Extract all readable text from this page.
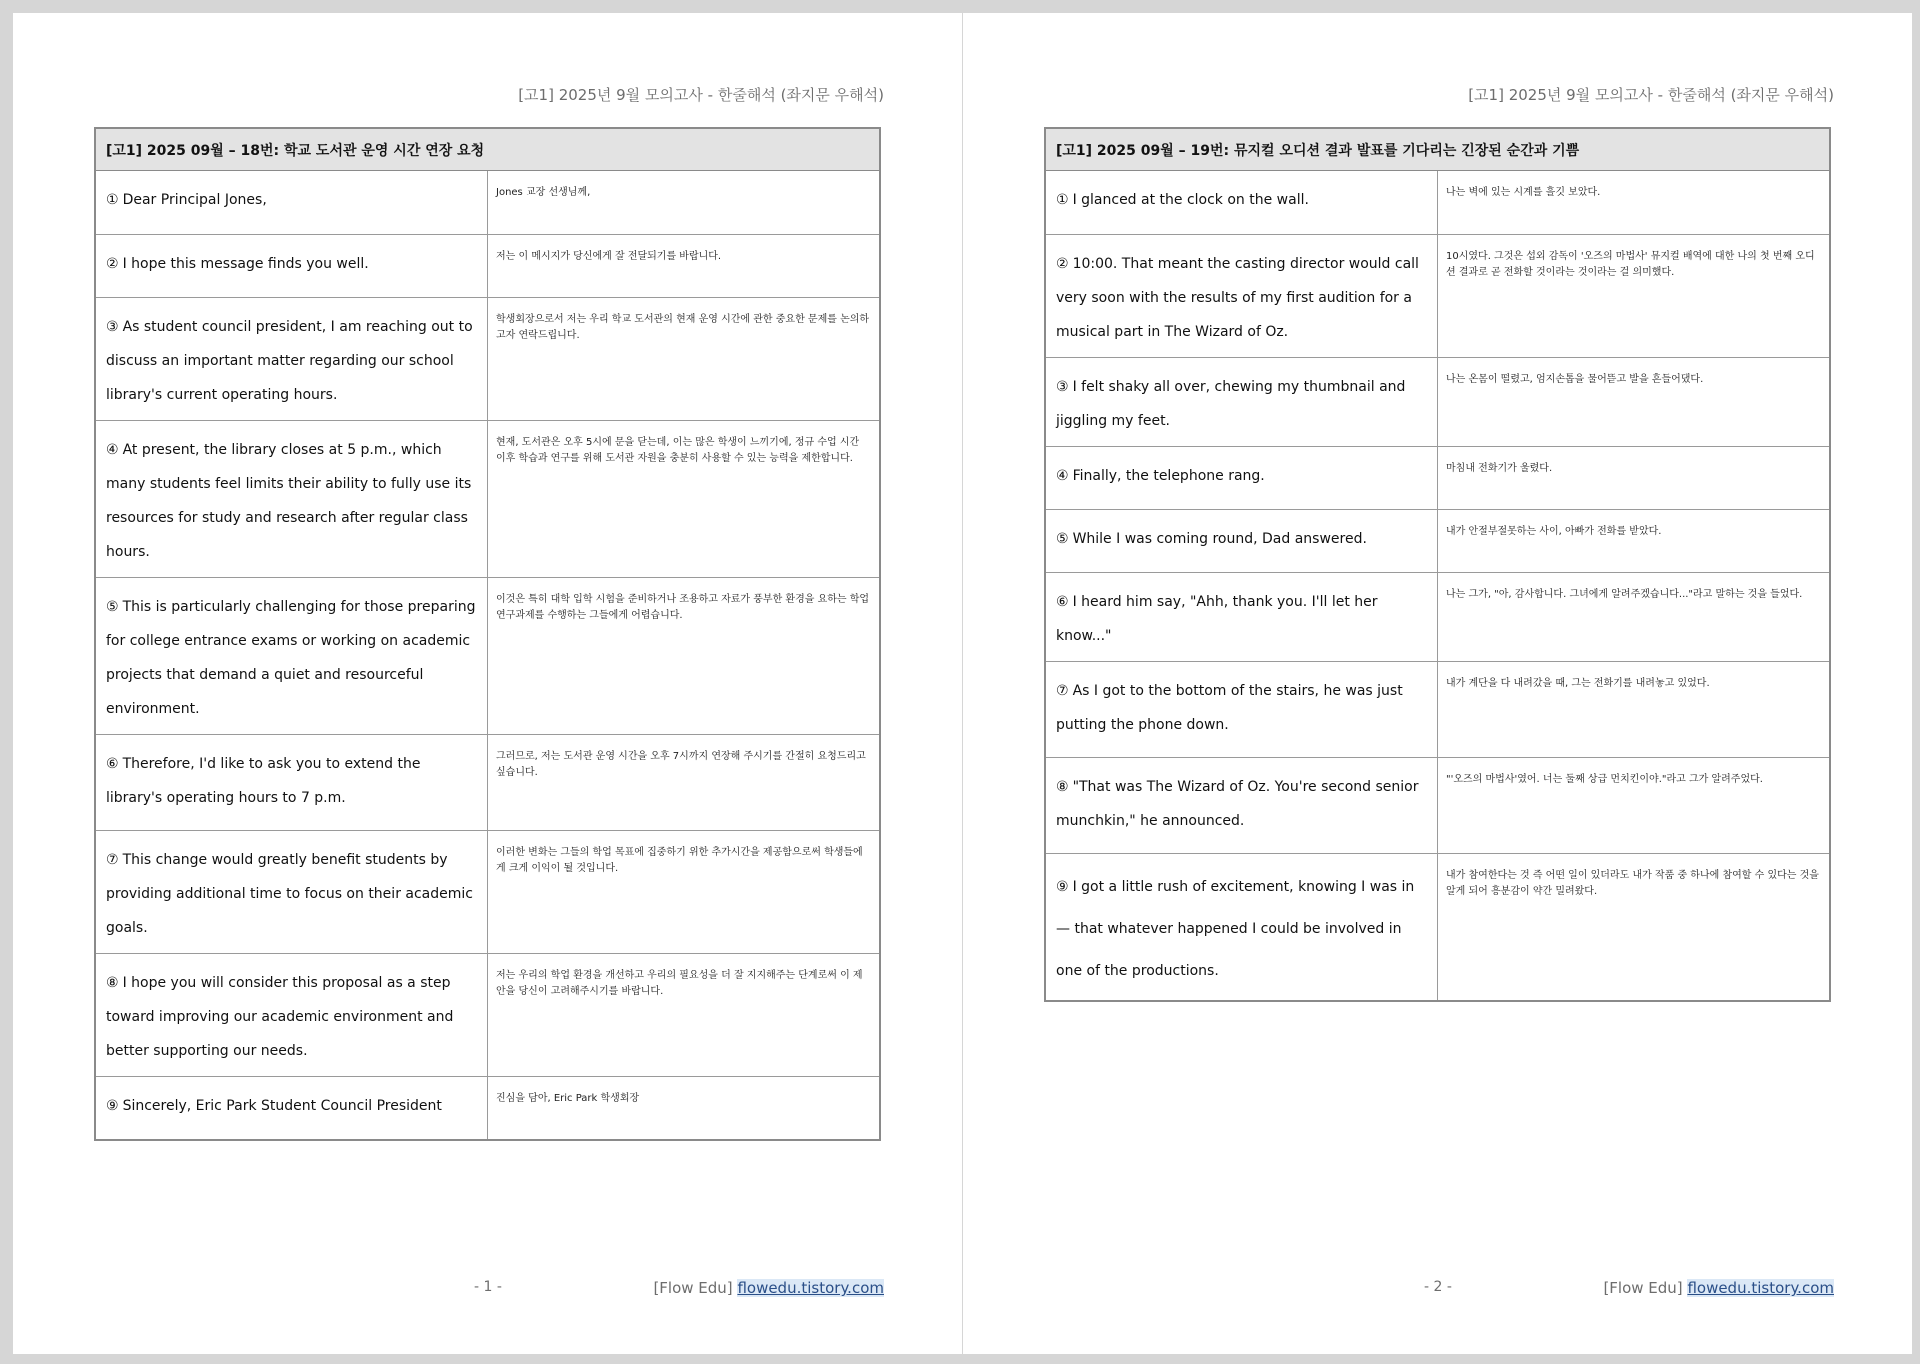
[고1] 2025년 9월 모의고사 - 한줄해석 (좌지문 우해석)
[고1] 2025 09월 – 18번: 학교 도서관 운영 시간 연장 요청	
① Dear Principal Jones,	Jones 교장 선생님께,
② I hope this message finds you well.	저는 이 메시지가 당신에게 잘 전달되기를 바랍니다.
③ As student council president, I am reaching out to discuss an important matter regarding our school library's current operating hours.	학생회장으로서 저는 우리 학교 도서관의 현재 운영 시간에 관한 중요한 문제를 논의하고자 연락드립니다.
④ At present, the library closes at 5 p.m., which many students feel limits their ability to fully use its resources for study and research after regular class hours.	현재, 도서관은 오후 5시에 문을 닫는데, 이는 많은 학생이 느끼기에, 정규 수업 시간 이후 학습과 연구를 위해 도서관 자원을 충분히 사용할 수 있는 능력을 제한합니다.
⑤ This is particularly challenging for those preparing for college entrance exams or working on academic projects that demand a quiet and resourceful environment.	이것은 특히 대학 입학 시험을 준비하거나 조용하고 자료가 풍부한 환경을 요하는 학업 연구과제를 수행하는 그들에게 어렵습니다.
⑥ Therefore, I'd like to ask you to extend the library's operating hours to 7 p.m.	그러므로, 저는 도서관 운영 시간을 오후 7시까지 연장해 주시기를 간절히 요청드리고 싶습니다.
⑦ This change would greatly benefit students by providing additional time to focus on their academic goals.	이러한 변화는 그들의 학업 목표에 집중하기 위한 추가시간을 제공함으로써 학생들에게 크게 이익이 될 것입니다.
⑧ I hope you will consider this proposal as a step toward improving our academic environment and better supporting our needs.	저는 우리의 학업 환경을 개선하고 우리의 필요성을 더 잘 지지해주는 단계로써 이 제안을 당신이 고려해주시기를 바랍니다.
⑨ Sincerely, Eric Park Student Council President	진심을 담아, Eric Park 학생회장
- 1 -	[Flow Edu] flowedu.tistory.com
[고1] 2025년 9월 모의고사 - 한줄해석 (좌지문 우해석)
[고1] 2025 09월 – 19번: 뮤지컬 오디션 결과 발표를 기다리는 긴장된 순간과 기쁨	
① I glanced at the clock on the wall.	나는 벽에 있는 시계를 흘깃 보았다.
② 10:00. That meant the casting director would call very soon with the results of my first audition for a musical part in The Wizard of Oz.	10시였다. 그것은 섭외 감독이 '오즈의 마법사' 뮤지컬 배역에 대한 나의 첫 번째 오디션 결과로 곧 전화할 것이라는 것이라는 걸 의미했다.
③ I felt shaky all over, chewing my thumbnail and jiggling my feet.	나는 온몸이 떨렸고, 엄지손톱을 물어뜯고 발을 흔들어댔다.
④ Finally, the telephone rang.	마침내 전화기가 울렸다.
⑤ While I was coming round, Dad answered.	내가 안절부절못하는 사이, 아빠가 전화를 받았다.
⑥ I heard him say, "Ahh, thank you. I'll let her know..."	나는 그가, "아, 감사합니다. 그녀에게 알려주겠습니다..."라고 말하는 것을 들었다.
⑦ As I got to the bottom of the stairs, he was just putting the phone down.	내가 계단을 다 내려갔을 때, 그는 전화기를 내려놓고 있었다.
⑧ "That was The Wizard of Oz. You're second senior munchkin," he announced.	"'오즈의 마법사'였어. 너는 둘째 상급 먼치킨이야."라고 그가 알려주었다.
⑨ I got a little rush of excitement, knowing I was in — that whatever happened I could be involved in one of the productions.	내가 참여한다는 것 즉 어떤 일이 있더라도 내가 작품 중 하나에 참여할 수 있다는 것을 알게 되어 흥분감이 약간 밀려왔다.
- 2 -	[Flow Edu] flowedu.tistory.com
